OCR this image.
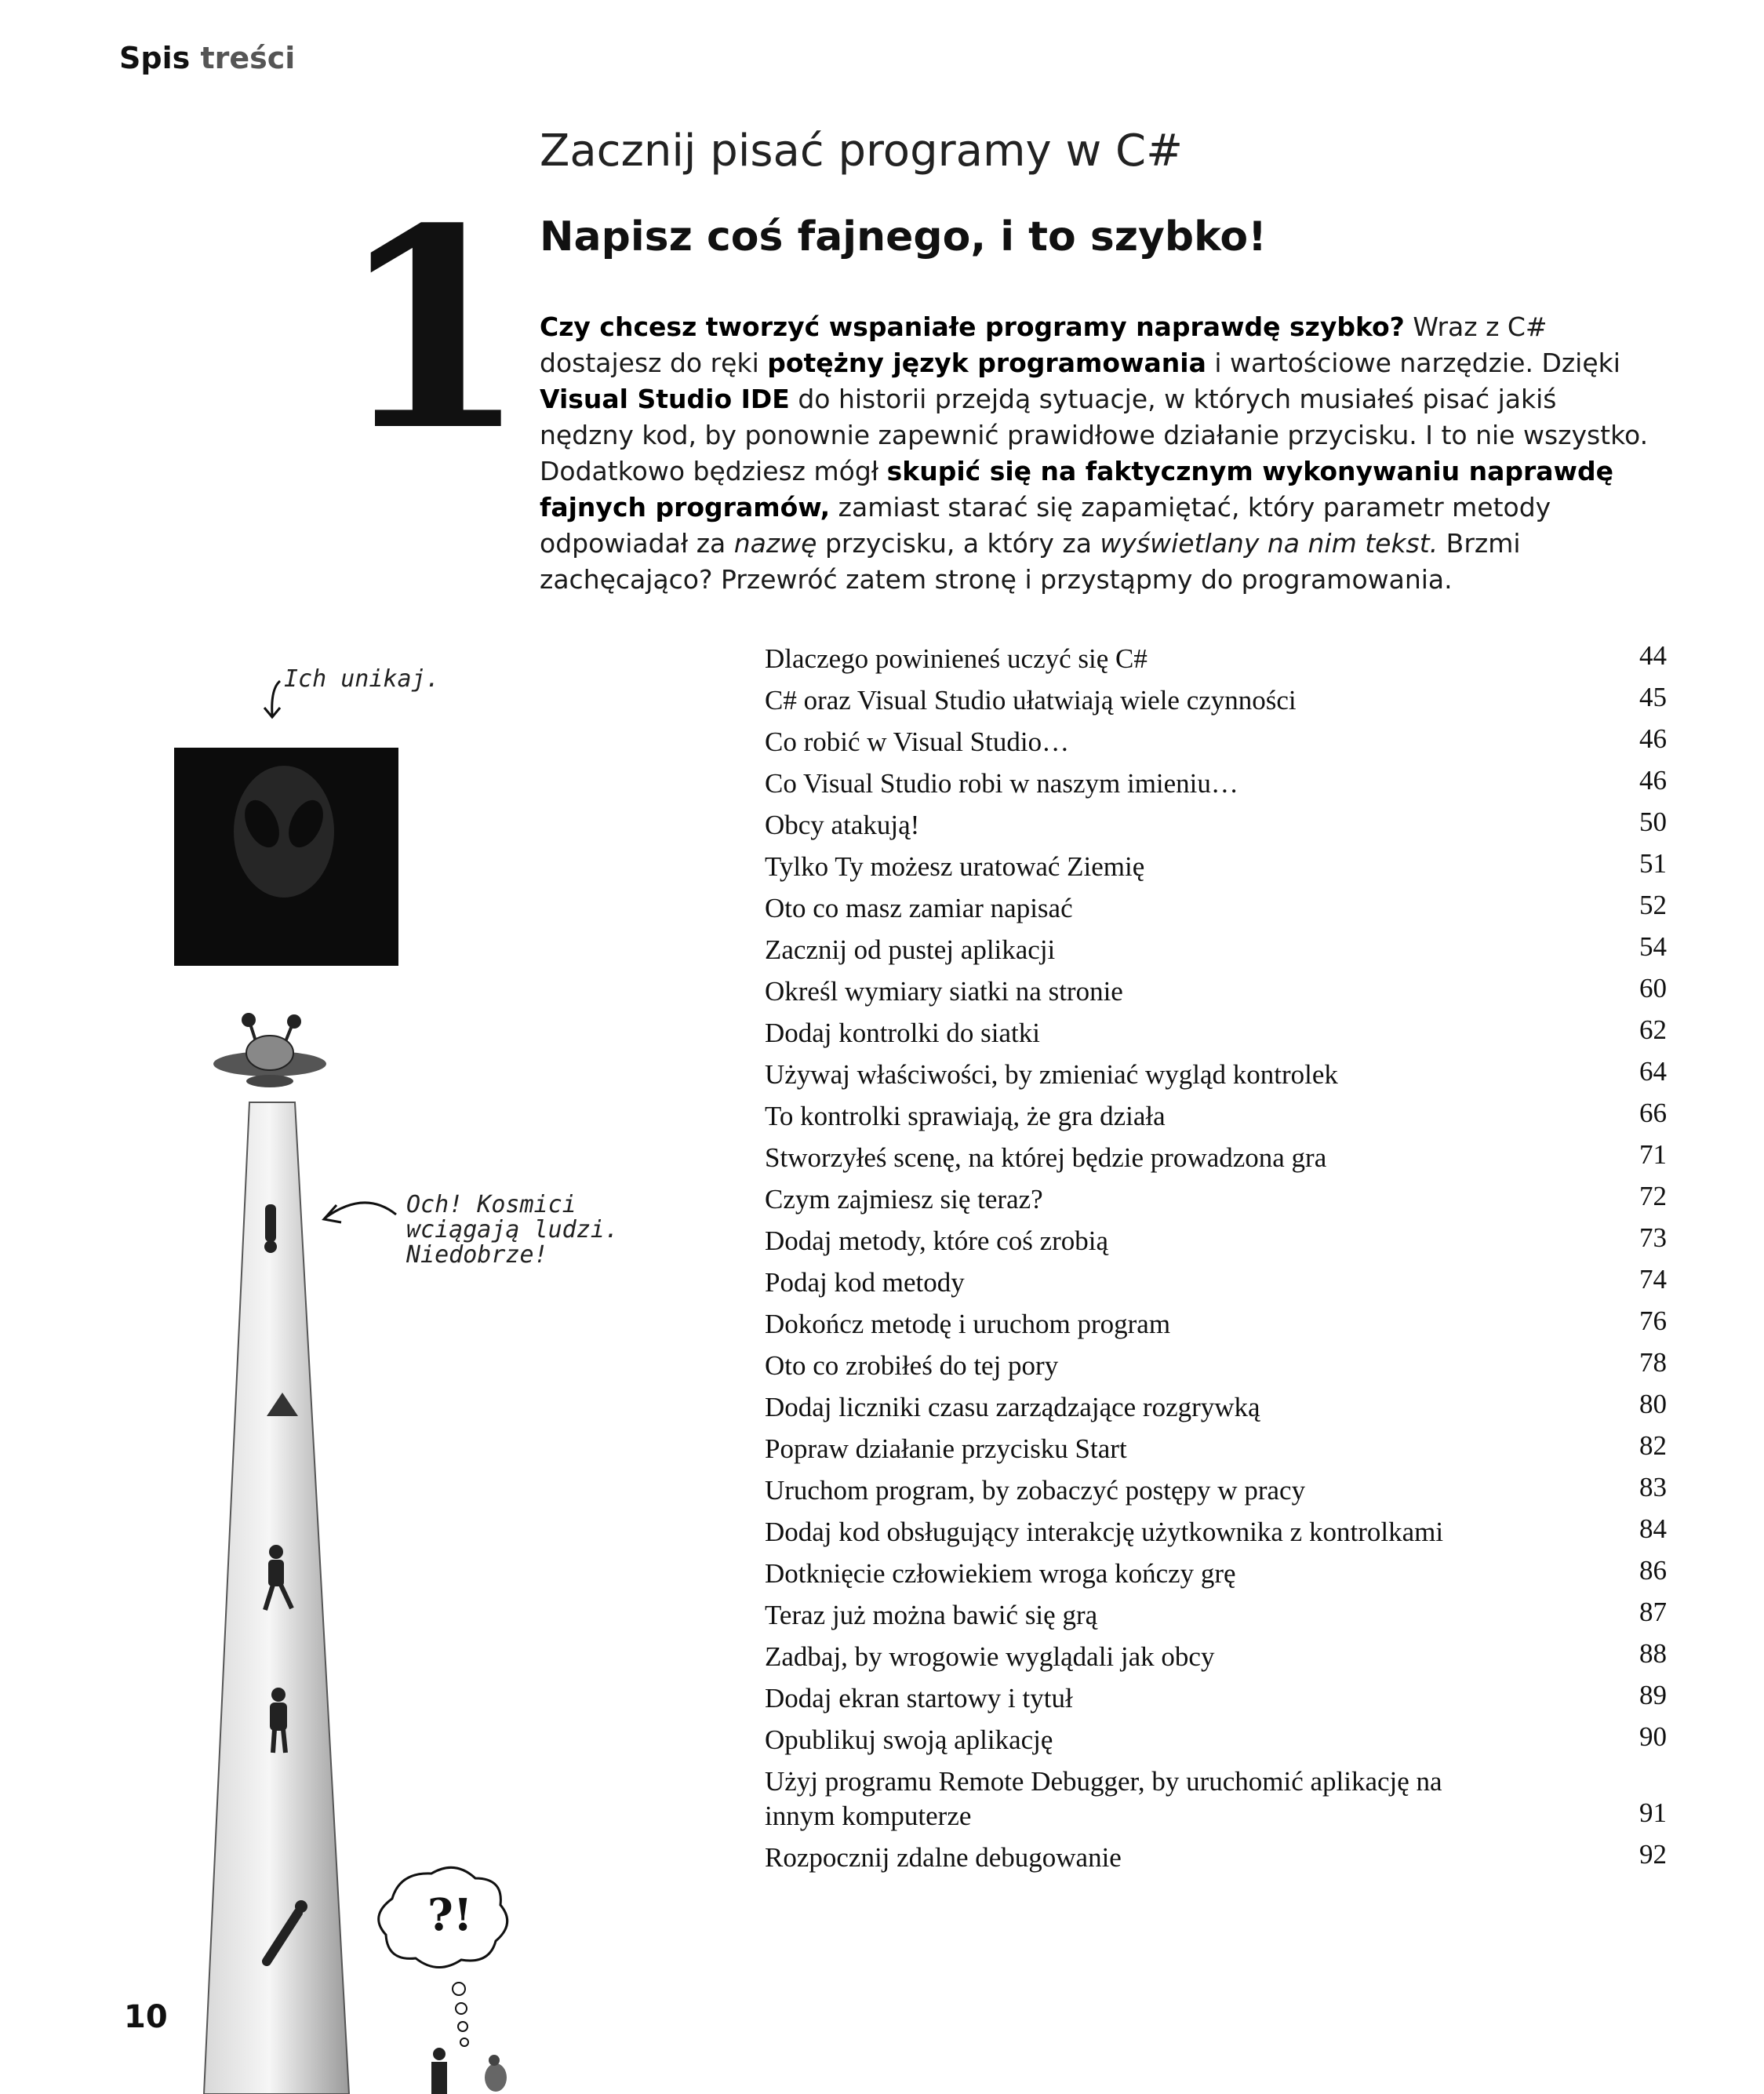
Spis treści
1
Zacznij pisać programy w C#
Napisz coś fajnego, i to szybko!

Czy chcesz tworzyć wspaniałe programy naprawdę szybko? Wraz z C# dostajesz do ręki potężny język programowania i wartościowe narzędzie. Dzięki Visual Studio IDE do historii przejdą sytuacje, w których musiałeś pisać jakiś nędzny kod, by ponownie zapewnić prawidłowe działanie przycisku. I to nie wszystko. Dodatkowo będziesz mógł skupić się na faktycznym wykonywaniu naprawdę fajnych programów, zamiast starać się zapamiętać, który parametr metody odpowiadał za nazwę przycisku, a który za wyświetlany na nim tekst. Brzmi zachęcająco? Przewróć zatem stronę i przystąpmy do programowania.

Dlaczego powinieneś uczyć się C#	44
C# oraz Visual Studio ułatwiają wiele czynności	45
Co robić w Visual Studio…	46
Co Visual Studio robi w naszym imieniu…	46
Obcy atakują!	50
Tylko Ty możesz uratować Ziemię	51
Oto co masz zamiar napisać	52
Zacznij od pustej aplikacji	54
Określ wymiary siatki na stronie	60
Dodaj kontrolki do siatki	62
Używaj właściwości, by zmieniać wygląd kontrolek	64
To kontrolki sprawiają, że gra działa	66
Stworzyłeś scenę, na której będzie prowadzona gra	71
Czym zajmiesz się teraz?	72
Dodaj metody, które coś zrobią	73
Podaj kod metody	74
Dokończ metodę i uruchom program	76
Oto co zrobiłeś do tej pory	78
Dodaj liczniki czasu zarządzające rozgrywką	80
Popraw działanie przycisku Start	82
Uruchom program, by zobaczyć postępy w pracy	83
Dodaj kod obsługujący interakcję użytkownika z kontrolkami	84
Dotknięcie człowiekiem wroga kończy grę	86
Teraz już można bawić się grą	87
Zadbaj, by wrogowie wyglądali jak obcy	88
Dodaj ekran startowy i tytuł	89
Opublikuj swoją aplikację	90
Użyj programu Remote Debugger, by uruchomić aplikację na innym komputerze	91
Rozpocznij zdalne debugowanie	92
Ich unikaj.
Och! Kosmici
wciągają ludzi.
Niedobrze!
?!
10
